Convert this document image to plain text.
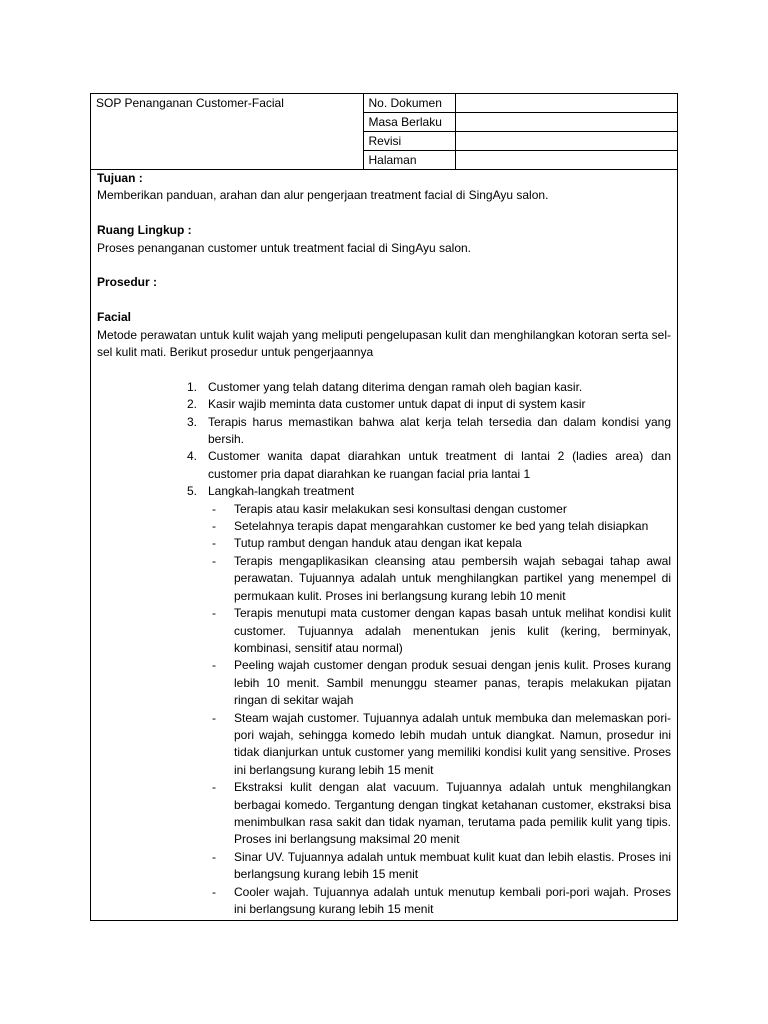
SOP Penanganan Customer-Facial	No. Dokumen	
	Masa Berlaku	
	Revisi	
	Halaman	

Tujuan :

Memberikan panduan, arahan dan alur pengerjaan treatment facial di SingAyu salon.

Ruang Lingkup :

Proses penanganan customer untuk treatment facial di SingAyu salon.

Prosedur :

Facial

Metode perawatan untuk kulit wajah yang meliputi pengelupasan kulit dan menghilangkan kotoran serta sel-sel kulit mati. Berikut prosedur untuk pengerjaannya

1. Customer yang telah datang diterima dengan ramah oleh bagian kasir.
2. Kasir wajib meminta data customer untuk dapat di input di system kasir
3. Terapis harus memastikan bahwa alat kerja telah tersedia dan dalam kondisi yang bersih.
4. Customer wanita dapat diarahkan untuk treatment di lantai 2 (ladies area) dan customer pria dapat diarahkan ke ruangan facial pria lantai 1
5. Langkah-langkah treatment
-	Terapis atau kasir melakukan sesi konsultasi dengan customer
-	Setelahnya terapis dapat mengarahkan customer ke bed yang telah disiapkan
-	Tutup rambut dengan handuk atau dengan ikat kepala
-	Terapis mengaplikasikan cleansing atau pembersih wajah sebagai tahap awal perawatan. Tujuannya adalah untuk menghilangkan partikel yang menempel di permukaan kulit. Proses ini berlangsung kurang lebih 10 menit
-	Terapis menutupi mata customer dengan kapas basah untuk melihat kondisi kulit customer. Tujuannya adalah menentukan jenis kulit (kering, berminyak, kombinasi, sensitif atau normal)
-	Peeling wajah customer dengan produk sesuai dengan jenis kulit. Proses kurang lebih 10 menit. Sambil menunggu steamer panas, terapis melakukan pijatan ringan di sekitar wajah
-	Steam wajah customer. Tujuannya adalah untuk membuka dan melemaskan pori-pori wajah, sehingga komedo lebih mudah untuk diangkat. Namun, prosedur ini tidak dianjurkan untuk customer yang memiliki kondisi kulit yang sensitive. Proses ini berlangsung kurang lebih 15 menit
-	Ekstraksi kulit dengan alat vacuum. Tujuannya adalah untuk menghilangkan berbagai komedo. Tergantung dengan tingkat ketahanan customer, ekstraksi bisa menimbulkan rasa sakit dan tidak nyaman, terutama pada pemilik kulit yang tipis. Proses ini berlangsung maksimal 20 menit
-	Sinar UV. Tujuannya adalah untuk membuat kulit kuat dan lebih elastis. Proses ini berlangsung kurang lebih 15 menit
-	Cooler wajah. Tujuannya adalah untuk menutup kembali pori-pori wajah. Proses ini berlangsung kurang lebih 15 menit
